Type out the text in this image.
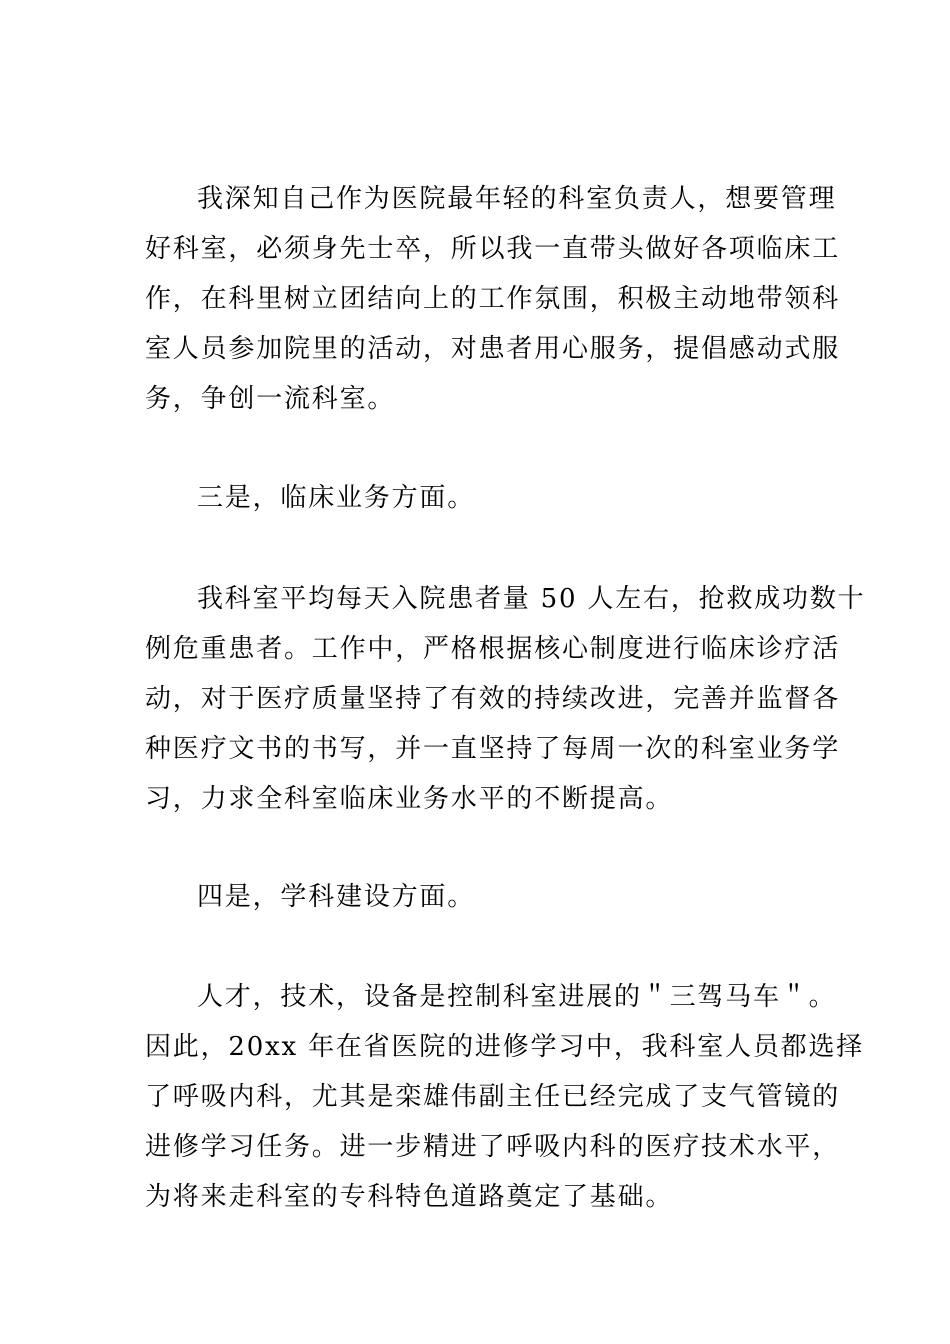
我深知自己作为医院最年轻的科室负责人，想要管理
好科室，必须身先士卒，所以我一直带头做好各项临床工
作，在科里树立团结向上的工作氛围，积极主动地带领科
室人员参加院里的活动，对患者用心服务，提倡感动式服
务，争创一流科室。
三是，临床业务方面。
我科室平均每天入院患者量 50 人左右，抢救成功数十
例危重患者。工作中，严格根据核心制度进行临床诊疗活
动，对于医疗质量坚持了有效的持续改进，完善并监督各
种医疗文书的书写，并一直坚持了每周一次的科室业务学
习，力求全科室临床业务水平的不断提高。
四是，学科建设方面。
人才，技术，设备是控制科室进展的＂三驾马车＂。
因此，20xx 年在省医院的进修学习中，我科室人员都选择
了呼吸内科，尤其是栾雄伟副主任已经完成了支气管镜的
进修学习任务。进一步精进了呼吸内科的医疗技术水平，
为将来走科室的专科特色道路奠定了基础。
